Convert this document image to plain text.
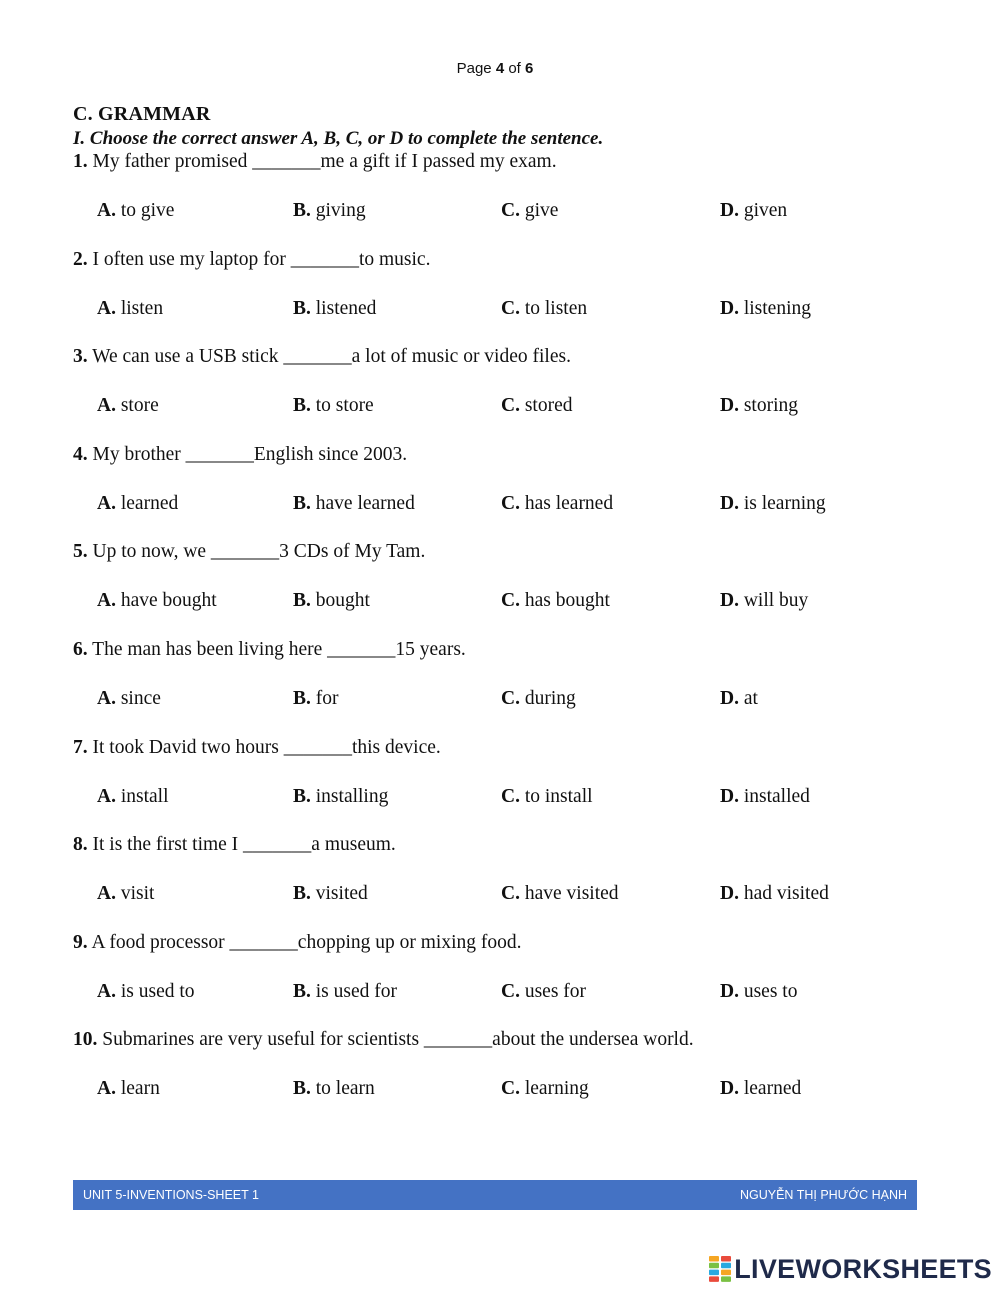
Page 4 of 6
C. GRAMMAR
I. Choose the correct answer A, B, C, or D to complete the sentence.
1. My father promised _______me a gift if I passed my exam.
A. to give	B. giving	C. give	D. given
2. I often use my laptop for _______to music.
A. listen	B. listened	C. to listen	D. listening
3. We can use a USB stick _______a lot of music or video files.
A. store	B. to store	C. stored	D. storing
4. My brother _______English since 2003.
A. learned	B. have learned	C. has learned	D. is learning
5. Up to now, we _______3 CDs of My Tam.
A. have bought	B. bought	C. has bought	D. will buy
6. The man has been living here _______15 years.
A. since	B. for	C. during	D. at
7. It took David two hours _______this device.
A. install	B. installing	C. to install	D. installed
8. It is the first time I _______a museum.
A. visit	B. visited	C. have visited	D. had visited
9. A food processor _______chopping up or mixing food.
A. is used to	B. is used for	C. uses for	D. uses to
10. Submarines are very useful for scientists _______about the undersea world.
A. learn	B. to learn	C. learning	D. learned
UNIT 5-INVENTIONS-SHEET 1	NGUYỄN THỊ PHƯỚC HẠNH
LIVEWORKSHEETS
